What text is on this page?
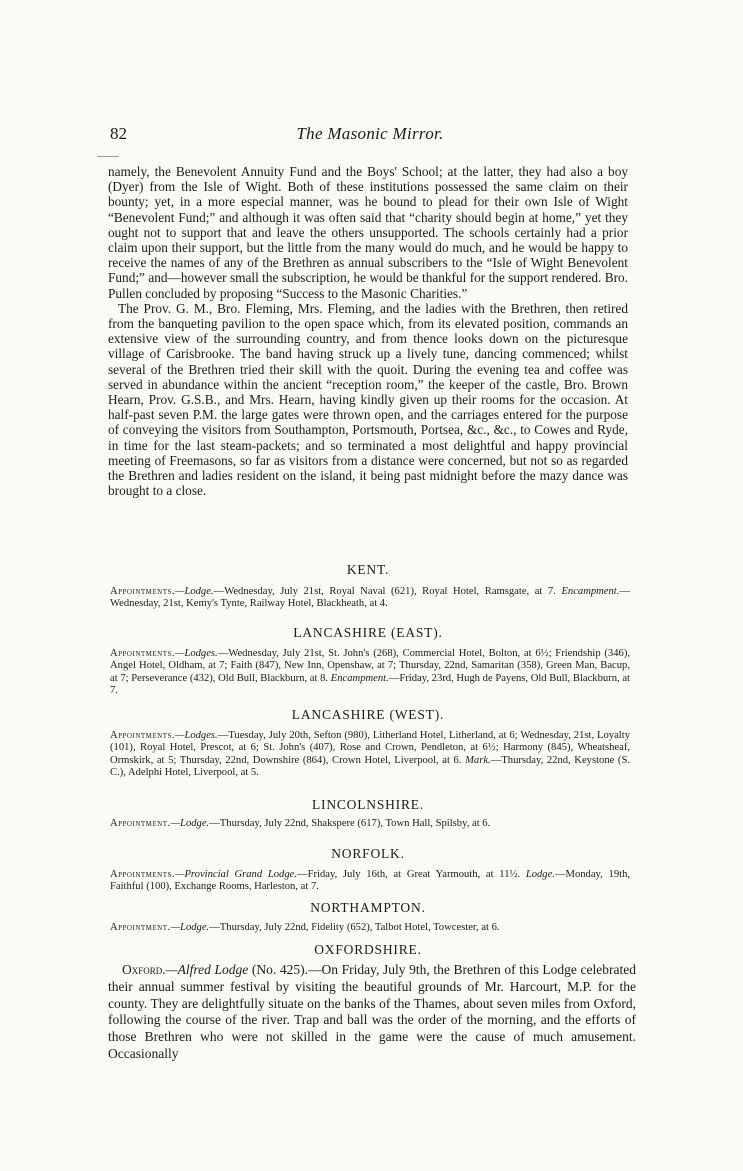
82	The Masonic Mirror.

namely, the Benevolent Annuity Fund and the Boys' School; at the latter, they had also a boy (Dyer) from the Isle of Wight. Both of these institutions possessed the same claim on their bounty; yet, in a more especial manner, was he bound to plead for their own Isle of Wight “Benevolent Fund;” and although it was often said that “charity should begin at home,” yet they ought not to support that and leave the others unsupported. The schools certainly had a prior claim upon their support, but the little from the many would do much, and he would be happy to receive the names of any of the Brethren as annual subscribers to the “Isle of Wight Benevolent Fund;” and—however small the subscription, he would be thankful for the support rendered. Bro. Pullen concluded by proposing “Success to the Masonic Charities.”

The Prov. G. M., Bro. Fleming, Mrs. Fleming, and the ladies with the Brethren, then retired from the banqueting pavilion to the open space which, from its elevated position, commands an extensive view of the surrounding country, and from thence looks down on the picturesque village of Carisbrooke. The band having struck up a lively tune, dancing commenced; whilst several of the Brethren tried their skill with the quoit. During the evening tea and coffee was served in abundance within the ancient “reception room,” the keeper of the castle, Bro. Brown Hearn, Prov. G.S.B., and Mrs. Hearn, having kindly given up their rooms for the occasion. At half-past seven P.M. the large gates were thrown open, and the carriages entered for the purpose of conveying the visitors from Southampton, Portsmouth, Portsea, &c., &c., to Cowes and Ryde, in time for the last steam-packets; and so terminated a most delightful and happy provincial meeting of Freemasons, so far as visitors from a distance were concerned, but not so as regarded the Brethren and ladies resident on the island, it being past midnight before the mazy dance was brought to a close.

KENT.
Appointments.—Lodge.—Wednesday, July 21st, Royal Naval (621), Royal Hotel, Ramsgate, at 7. Encampment.—Wednesday, 21st, Kemy's Tynte, Railway Hotel, Blackheath, at 4.
LANCASHIRE (EAST).
Appointments.—Lodges.—Wednesday, July 21st, St. John's (268), Commercial Hotel, Bolton, at 6½; Friendship (346), Angel Hotel, Oldham, at 7; Faith (847), New Inn, Openshaw, at 7; Thursday, 22nd, Samaritan (358), Green Man, Bacup, at 7; Perseverance (432), Old Bull, Blackburn, at 8. Encampment.—Friday, 23rd, Hugh de Payens, Old Bull, Blackburn, at 7.
LANCASHIRE (WEST).
Appointments.—Lodges.—Tuesday, July 20th, Sefton (980), Litherland Hotel, Litherland, at 6; Wednesday, 21st, Loyalty (101), Royal Hotel, Prescot, at 6; St. John's (407), Rose and Crown, Pendleton, at 6½; Harmony (845), Wheatsheaf, Ormskirk, at 5; Thursday, 22nd, Downshire (864), Crown Hotel, Liverpool, at 6. Mark.—Thursday, 22nd, Keystone (S. C.), Adelphi Hotel, Liverpool, at 5.
LINCOLNSHIRE.
Appointment.—Lodge.—Thursday, July 22nd, Shakspere (617), Town Hall, Spilsby, at 6.
NORFOLK.
Appointments.—Provincial Grand Lodge.—Friday, July 16th, at Great Yarmouth, at 11½. Lodge.—Monday, 19th, Faithful (100), Exchange Rooms, Harleston, at 7.
NORTHAMPTON.
Appointment.—Lodge.—Thursday, July 22nd, Fidelity (652), Talbot Hotel, Towcester, at 6.
OXFORDSHIRE.
Oxford.—Alfred Lodge (No. 425).—On Friday, July 9th, the Brethren of this Lodge celebrated their annual summer festival by visiting the beautiful grounds of Mr. Harcourt, M.P. for the county. They are delightfully situate on the banks of the Thames, about seven miles from Oxford, following the course of the river. Trap and ball was the order of the morning, and the efforts of those Brethren who were not skilled in the game were the cause of much amusement. Occasionally
